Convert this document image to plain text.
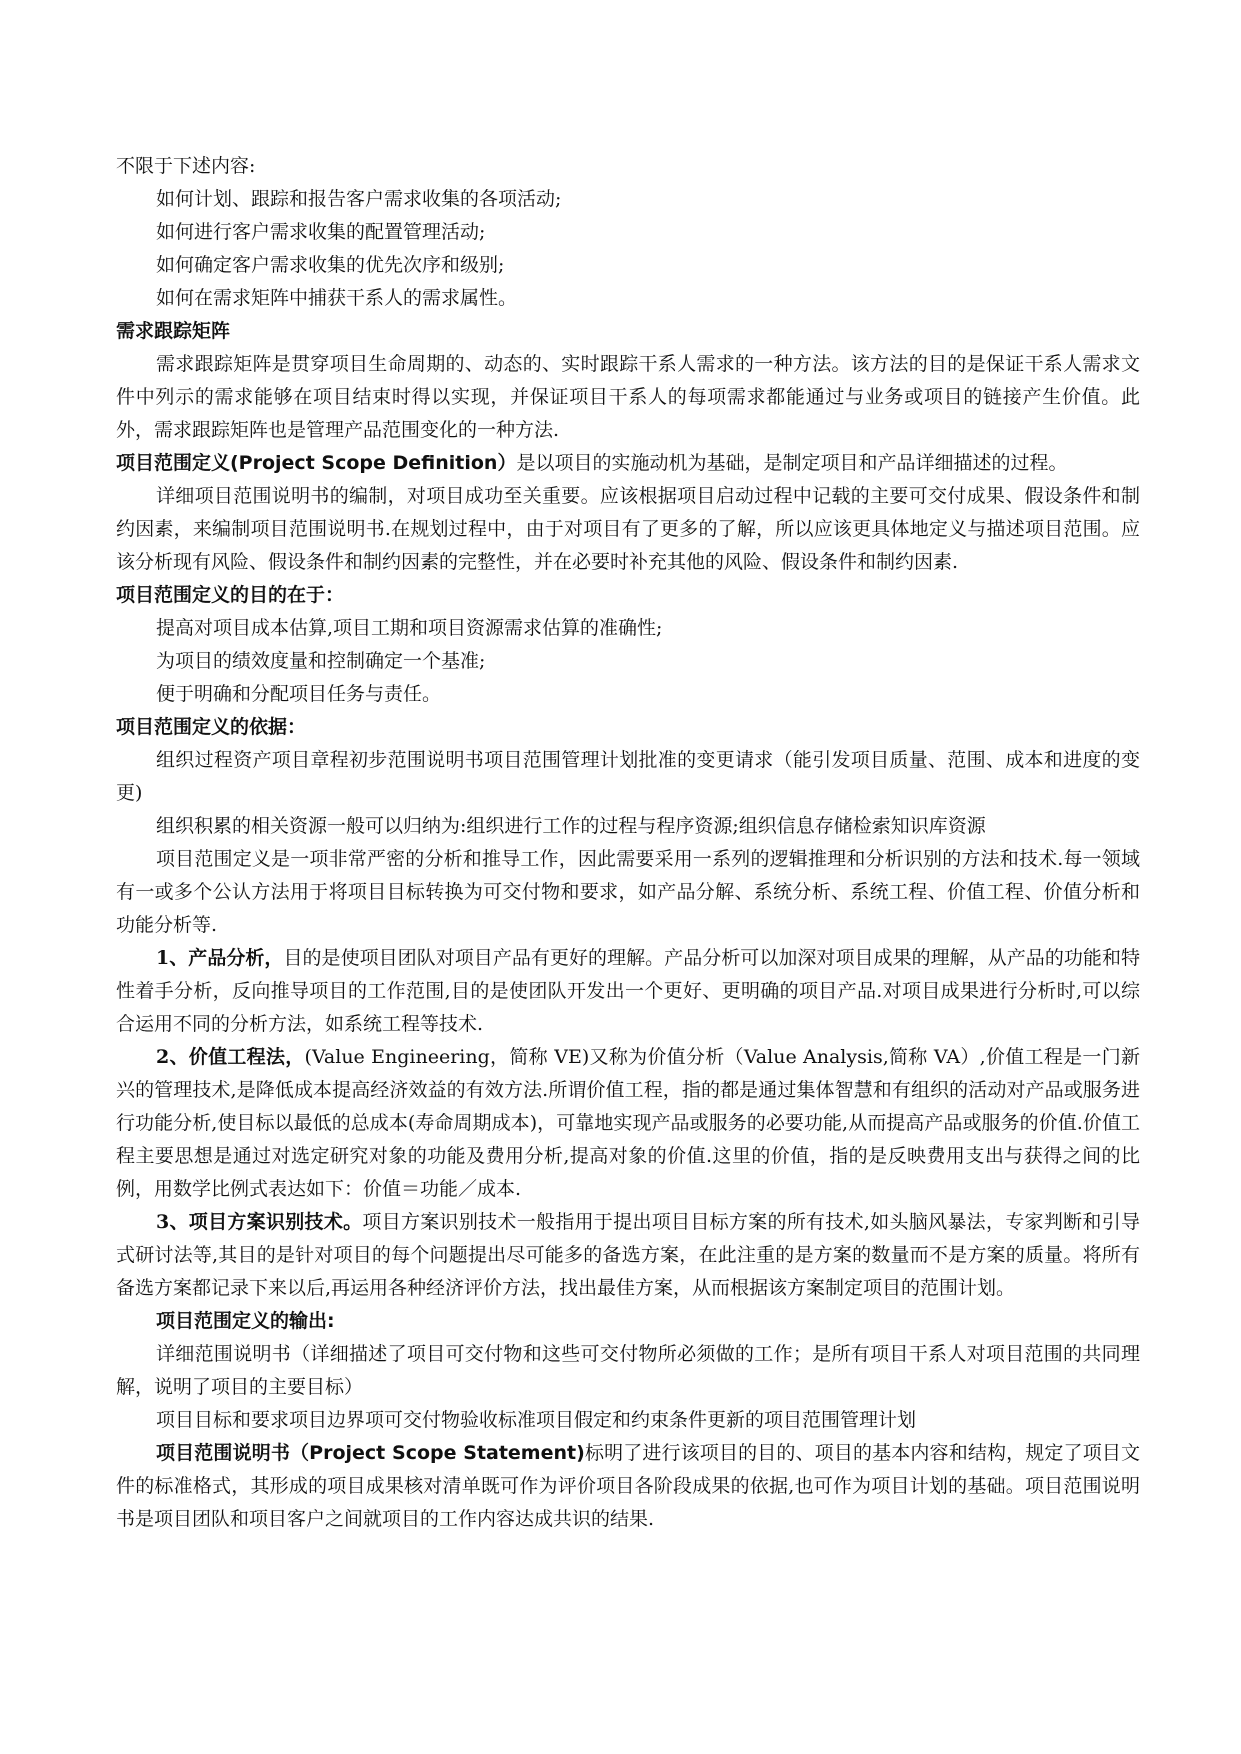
不限于下述内容:
如何计划、跟踪和报告客户需求收集的各项活动;
如何进行客户需求收集的配置管理活动;
如何确定客户需求收集的优先次序和级别;
如何在需求矩阵中捕获干系人的需求属性。
需求跟踪矩阵
需求跟踪矩阵是贯穿项目生命周期的、动态的、实时跟踪干系人需求的一种方法。该方法的目的是保证干系人需求文件中列示的需求能够在项目结束时得以实现，并保证项目干系人的每项需求都能通过与业务或项目的链接产生价值。此外，需求跟踪矩阵也是管理产品范围变化的一种方法.
项目范围定义(Project Scope Definition）是以项目的实施动机为基础，是制定项目和产品详细描述的过程。
详细项目范围说明书的编制，对项目成功至关重要。应该根据项目启动过程中记载的主要可交付成果、假设条件和制约因素，来编制项目范围说明书.在规划过程中，由于对项目有了更多的了解，所以应该更具体地定义与描述项目范围。应该分析现有风险、假设条件和制约因素的完整性，并在必要时补充其他的风险、假设条件和制约因素.
项目范围定义的目的在于：
提高对项目成本估算,项目工期和项目资源需求估算的准确性;
为项目的绩效度量和控制确定一个基准;
便于明确和分配项目任务与责任。
项目范围定义的依据：
组织过程资产项目章程初步范围说明书项目范围管理计划批准的变更请求（能引发项目质量、范围、成本和进度的变更)
组织积累的相关资源一般可以归纳为:组织进行工作的过程与程序资源;组织信息存储检索知识库资源
项目范围定义是一项非常严密的分析和推导工作，因此需要采用一系列的逻辑推理和分析识别的方法和技术.每一领域有一或多个公认方法用于将项目目标转换为可交付物和要求，如产品分解、系统分析、系统工程、价值工程、价值分析和功能分析等.
1、产品分析，目的是使项目团队对项目产品有更好的理解。产品分析可以加深对项目成果的理解，从产品的功能和特性着手分析，反向推导项目的工作范围,目的是使团队开发出一个更好、更明确的项目产品.对项目成果进行分析时,可以综合运用不同的分析方法，如系统工程等技术.
2、价值工程法，(Value Engineering，简称 VE)又称为价值分析（Value Analysis,简称 VA）,价值工程是一门新兴的管理技术,是降低成本提高经济效益的有效方法.所谓价值工程，指的都是通过集体智慧和有组织的活动对产品或服务进行功能分析,使目标以最低的总成本(寿命周期成本)，可靠地实现产品或服务的必要功能,从而提高产品或服务的价值.价值工程主要思想是通过对选定研究对象的功能及费用分析,提高对象的价值.这里的价值，指的是反映费用支出与获得之间的比例，用数学比例式表达如下：价值＝功能／成本.
3、项目方案识别技术。项目方案识别技术一般指用于提出项目目标方案的所有技术,如头脑风暴法，专家判断和引导式研讨法等,其目的是针对项目的每个问题提出尽可能多的备选方案，在此注重的是方案的数量而不是方案的质量。将所有备选方案都记录下来以后,再运用各种经济评价方法，找出最佳方案，从而根据该方案制定项目的范围计划。
项目范围定义的输出:
详细范围说明书（详细描述了项目可交付物和这些可交付物所必须做的工作；是所有项目干系人对项目范围的共同理解，说明了项目的主要目标）
项目目标和要求项目边界项可交付物验收标准项目假定和约束条件更新的项目范围管理计划
项目范围说明书（Project Scope Statement)标明了进行该项目的目的、项目的基本内容和结构，规定了项目文件的标准格式，其形成的项目成果核对清单既可作为评价项目各阶段成果的依据,也可作为项目计划的基础。项目范围说明书是项目团队和项目客户之间就项目的工作内容达成共识的结果.
